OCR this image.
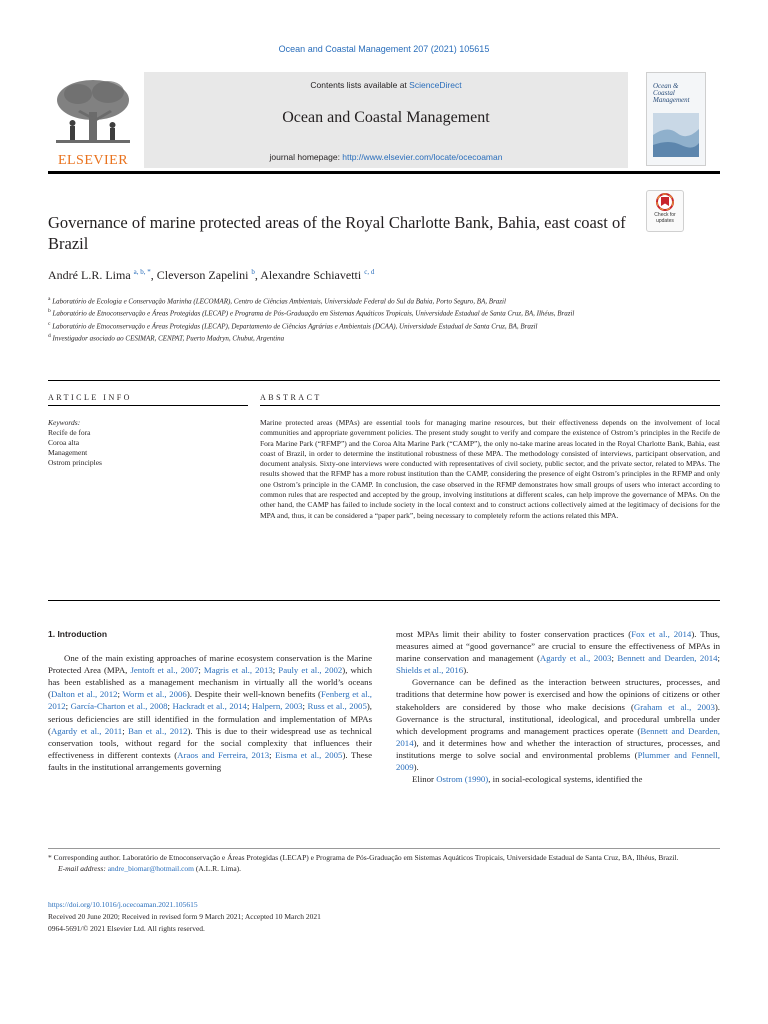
Ocean and Coastal Management 207 (2021) 105615
ELSEVIER
Contents lists available at ScienceDirect
Ocean and Coastal Management
journal homepage: http://www.elsevier.com/locate/ocecoaman
Ocean & Coastal Management
Check for updates
Governance of marine protected areas of the Royal Charlotte Bank, Bahia, east coast of Brazil
André L.R. Lima $^{a, b, *}$, Cleverson Zapelini $^b$, Alexandre Schiavetti $^{c, d}$
$^a$ Laboratório de Ecologia e Conservação Marinha (LECOMAR), Centro de Ciências Ambientais, Universidade Federal do Sul da Bahia, Porto Seguro, BA, Brazil
$^b$ Laboratório de Etnoconservação e Áreas Protegidas (LECAP) e Programa de Pós-Graduação em Sistemas Aquáticos Tropicais, Universidade Estadual de Santa Cruz, BA, Ilhéus, Brazil
$^c$ Laboratório de Etnoconservação e Áreas Protegidas (LECAP), Departamento de Ciências Agrárias e Ambientais (DCAA), Universidade Estadual de Santa Cruz, BA, Brazil
$^d$ Investigador asociado ao CESIMAR, CENPAT, Puerto Madryn, Chubut, Argentina
ARTICLE INFO	ABSTRACT
Keywords:
Recife de fora
Coroa alta
Management
Ostrom principles
Marine protected areas (MPAs) are essential tools for managing marine resources, but their effectiveness depends on the involvement of local communities and appropriate government policies. The present study sought to verify and compare the existence of Ostrom’s principles in the Recife de Fora Marine Park (“RFMP”) and the Coroa Alta Marine Park (“CAMP”), the only no-take marine areas located in the Royal Charlotte Bank, Bahia, east coast of Brazil, in order to determine the institutional robustness of these MPA. The methodology consisted of interviews, participant observation, and document analysis. Sixty-one interviews were conducted with representatives of civil society, public sector, and the private sector, related to MPAs. The results showed that the RFMP has a more robust institution than the CAMP, considering the presence of eight Ostrom’s principles in the RFMP and only one Ostrom’s principle in the CAMP. In conclusion, the case observed in the RFMP demonstrates how small groups of users who interact according to common rules that are respected and accepted by the group, involving institutions at different scales, can help improve the governance of MPAs. On the other hand, the CAMP has failed to include society in the local context and to construct actions collectively aimed at the legitimacy of decisions for the MPA and, thus, it can be considered a “paper park”, being necessary to completely reform the actions related this MPA.
1. Introduction

One of the main existing approaches of marine ecosystem conservation is the Marine Protected Area (MPA, Jentoft et al., 2007; Magris et al., 2013; Pauly et al., 2002), which has been established as a management mechanism in virtually all the world’s oceans (Dalton et al., 2012; Worm et al., 2006). Despite their well-known benefits (Fenberg et al., 2012; García-Charton et al., 2008; Hackradt et al., 2014; Halpern, 2003; Russ et al., 2005), serious deficiencies are still identified in the formulation and implementation of MPAs (Agardy et al., 2011; Ban et al., 2012). This is due to their widespread use as technical conservation tools, without regard for the social complexity that influences their effectiveness in different contexts (Araos and Ferreira, 2013; Eisma et al., 2005). These faults in the institutional arrangements governing

most MPAs limit their ability to foster conservation practices (Fox et al., 2014). Thus, measures aimed at “good governance” are crucial to ensure the effectiveness of MPAs in marine conservation and management (Agardy et al., 2003; Bennett and Dearden, 2014; Shields et al., 2016).

Governance can be defined as the interaction between structures, processes, and traditions that determine how power is exercised and how the opinions of citizens or other stakeholders are considered by those who make decisions (Graham et al., 2003). Governance is the structural, institutional, ideological, and procedural umbrella under which development programs and management practices operate (Bennett and Dearden, 2014), and it determines how and whether the interaction of structures, processes, and institutions merge to solve social and environmental problems (Plummer and Fennell, 2009).

Elinor Ostrom (1990), in social-ecological systems, identified the

* Corresponding author. Laboratório de Etnoconservação e Áreas Protegidas (LECAP) e Programa de Pós-Graduação em Sistemas Aquáticos Tropicais, Universidade Estadual de Santa Cruz, BA, Ilhéus, Brazil.
E-mail address: andre_biomar@hotmail.com (A.L.R. Lima).
https://doi.org/10.1016/j.ocecoaman.2021.105615
Received 20 June 2020; Received in revised form 9 March 2021; Accepted 10 March 2021
0964-5691/© 2021 Elsevier Ltd. All rights reserved.
